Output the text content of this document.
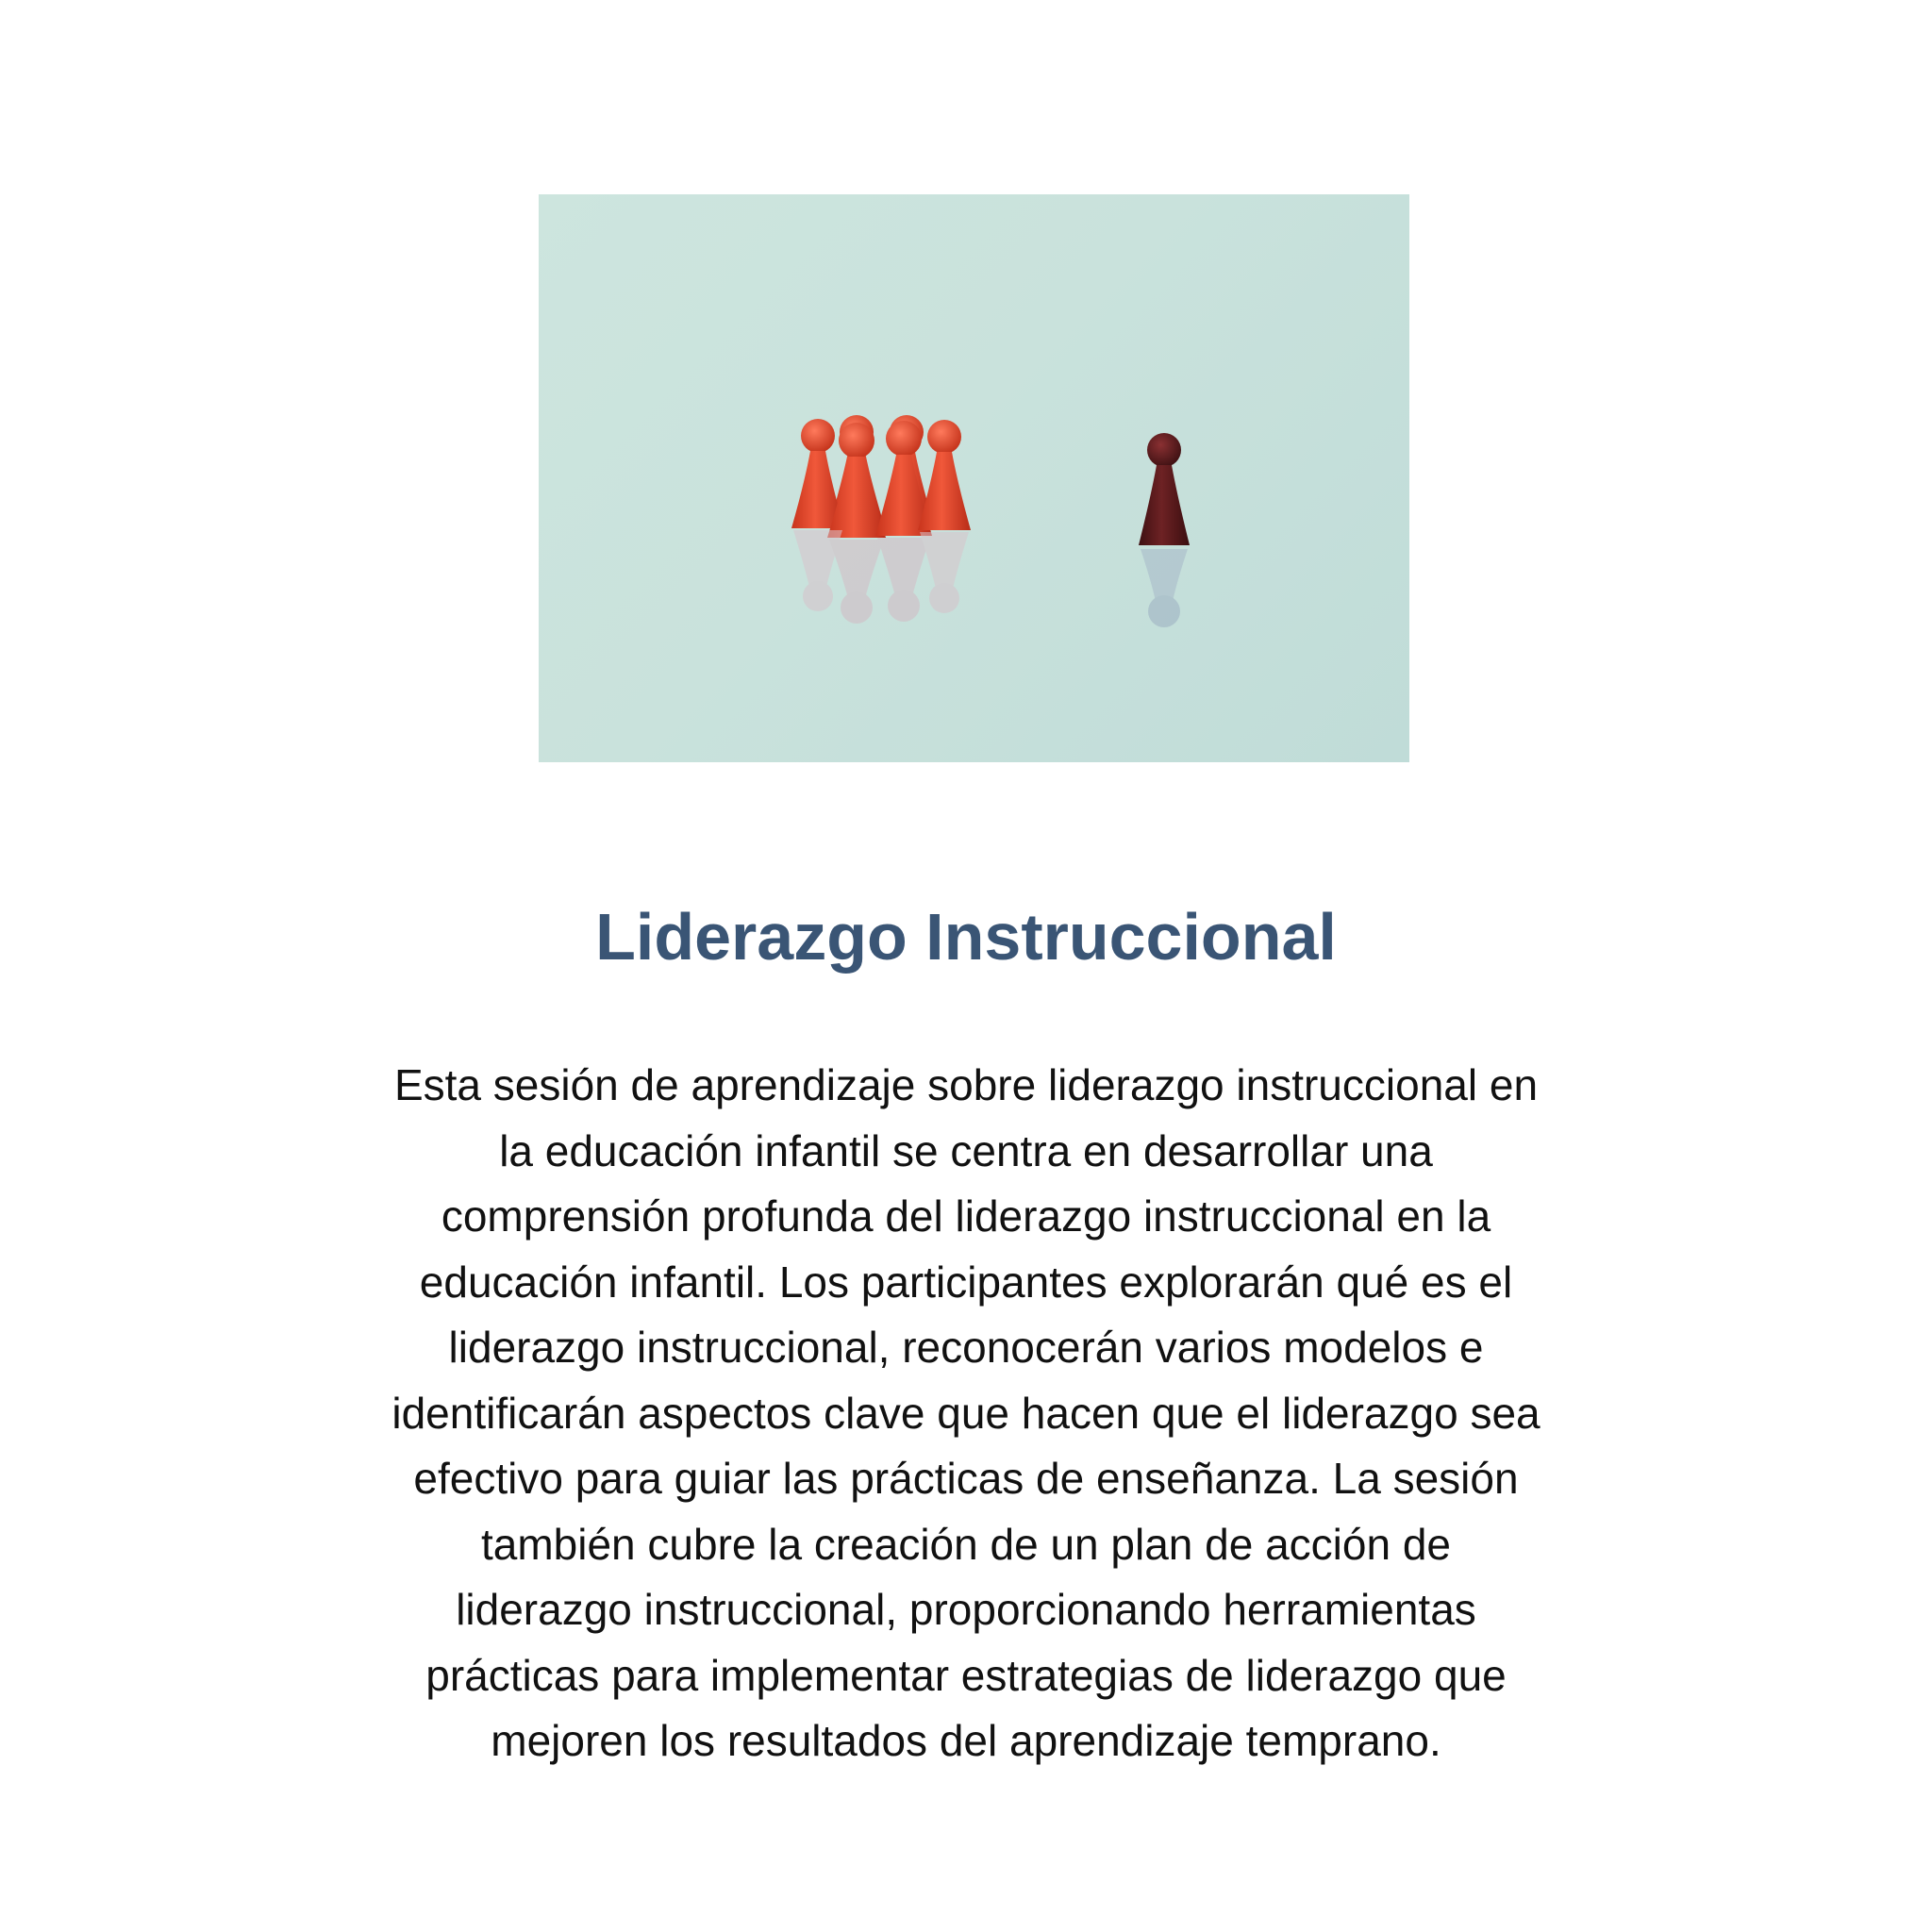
Liderazgo Instruccional

Esta sesión de aprendizaje sobre liderazgo instruccional en
la educación infantil se centra en desarrollar una
comprensión profunda del liderazgo instruccional en la
educación infantil. Los participantes explorarán qué es el
liderazgo instruccional, reconocerán varios modelos e
identificarán aspectos clave que hacen que el liderazgo sea
efectivo para guiar las prácticas de enseñanza. La sesión
también cubre la creación de un plan de acción de
liderazgo instruccional, proporcionando herramientas
prácticas para implementar estrategias de liderazgo que
mejoren los resultados del aprendizaje temprano.
